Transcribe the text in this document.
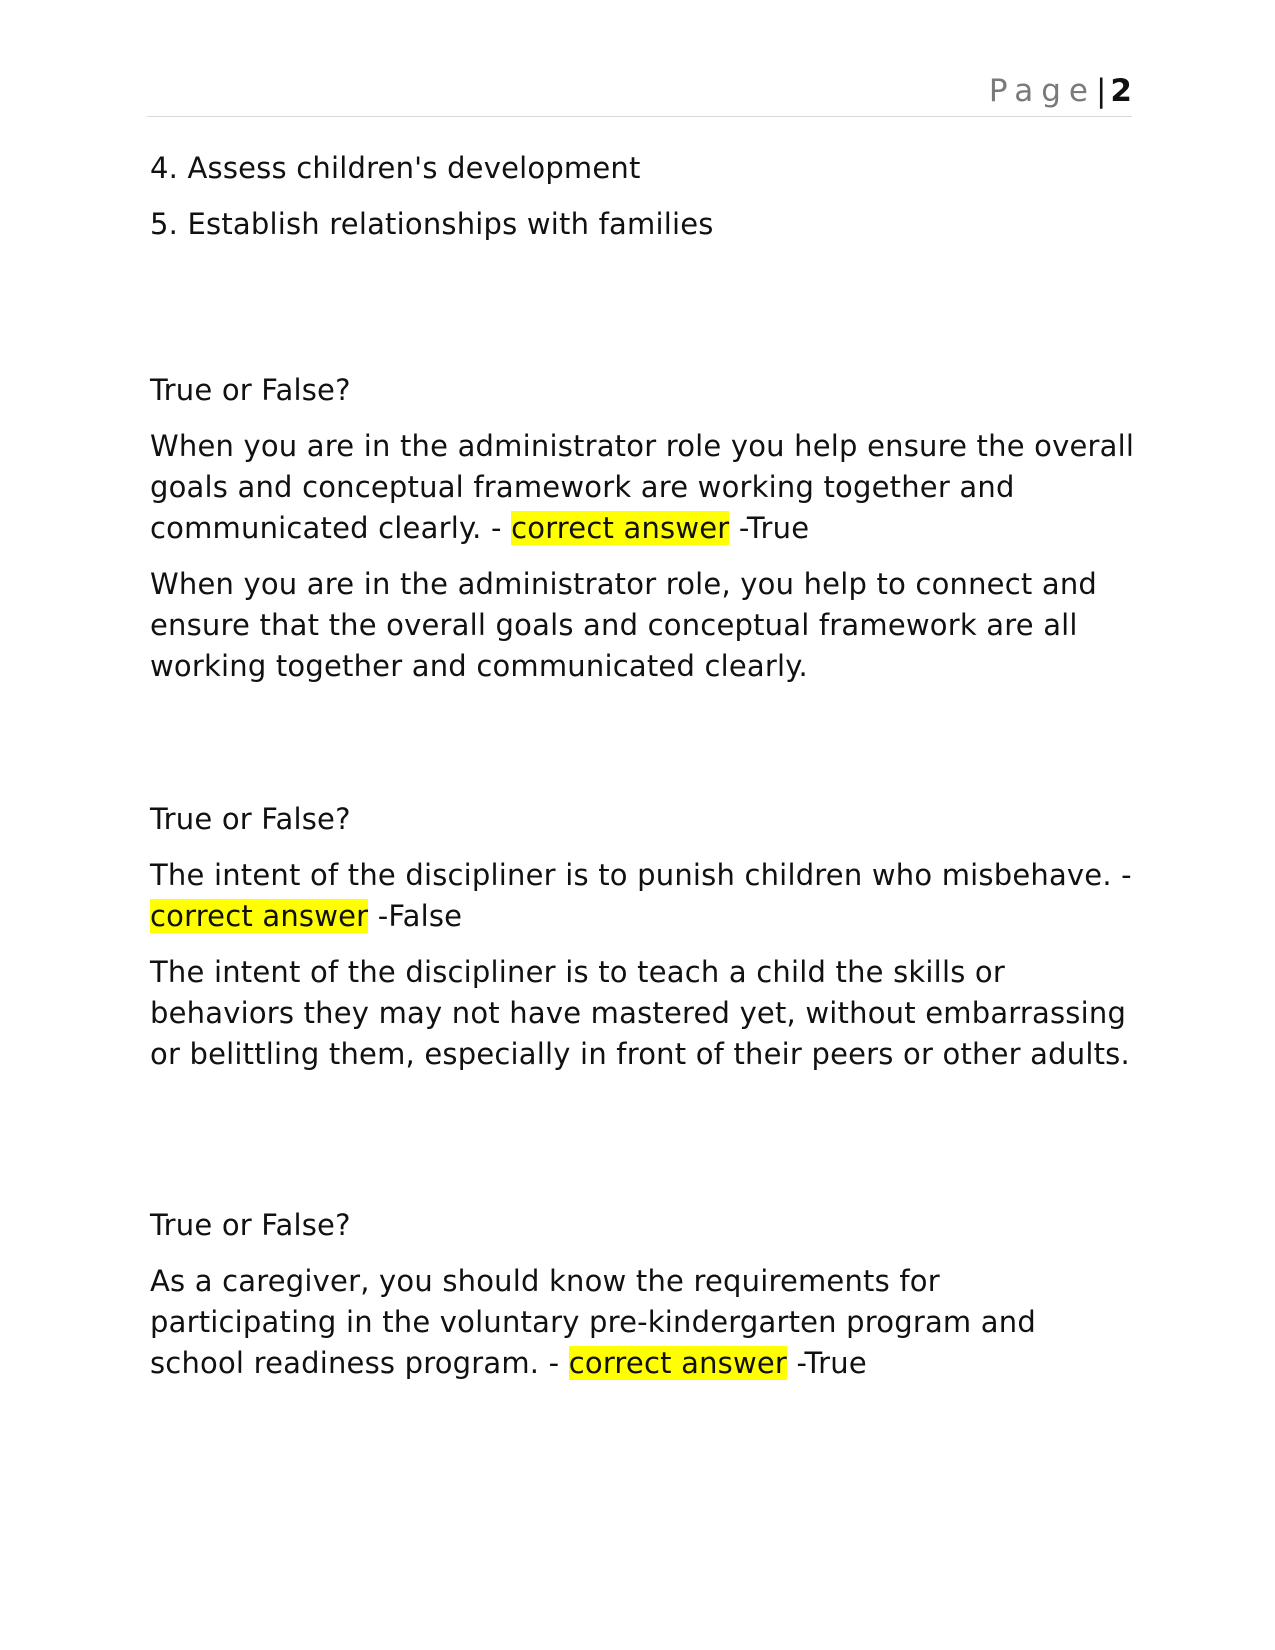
Page| 2
4. Assess children's development
5. Establish relationships with families
True or False?
When you are in the administrator role you help ensure the overall goals and conceptual framework are working together and communicated clearly. - correct answer -True
When you are in the administrator role, you help to connect and ensure that the overall goals and conceptual framework are all working together and communicated clearly.
True or False?
The intent of the discipliner is to punish children who misbehave. - correct answer -False
The intent of the discipliner is to teach a child the skills or behaviors they may not have mastered yet, without embarrassing or belittling them, especially in front of their peers or other adults.
True or False?
As a caregiver, you should know the requirements for participating in the voluntary pre-kindergarten program and school readiness program. - correct answer -True
